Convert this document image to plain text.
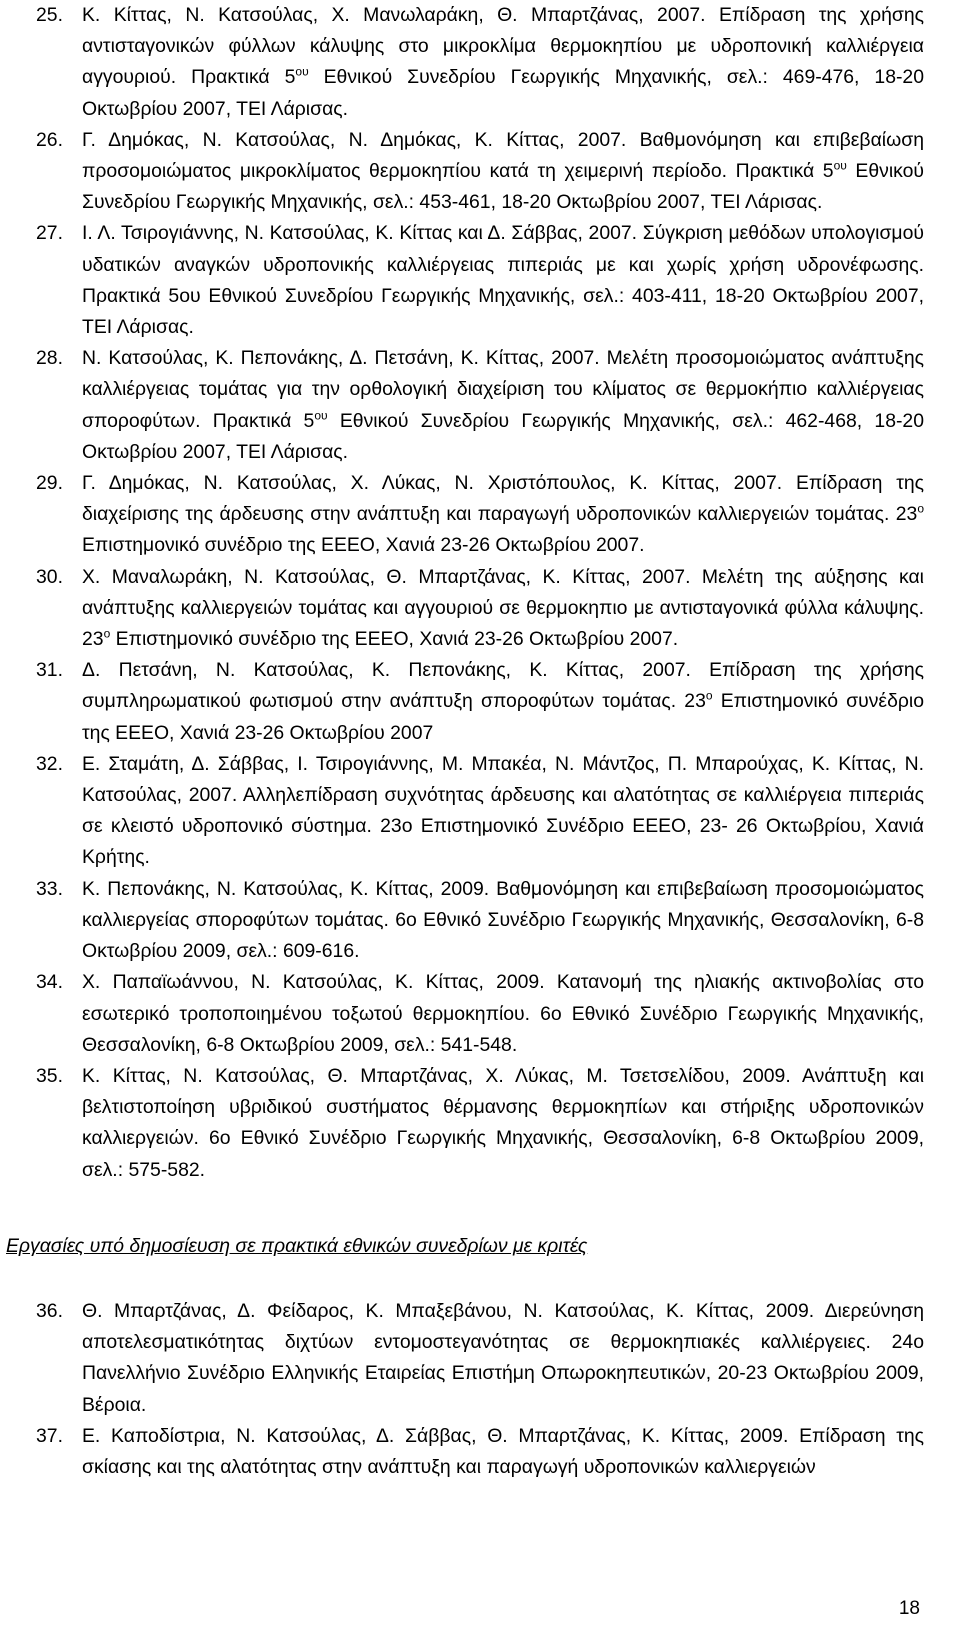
25. Κ. Κίττας, Ν. Κατσούλας, Χ. Μανωλαράκη, Θ. Μπαρτζάνας, 2007. Επίδραση της χρήσης αντισταγονικών φύλλων κάλυψης στο μικροκλίμα θερμοκηπίου με υδροπονική καλλιέργεια αγγουριού. Πρακτικά $5^{o\upsilon}$ Εθνικού Συνεδρίου Γεωργικής Μηχανικής, σελ.: 469-476, 18-20 Οκτωβρίου 2007, ΤΕΙ Λάρισας.
26. Γ. Δημόκας, Ν. Κατσούλας, Ν. Δημόκας, Κ. Κίττας, 2007. Βαθμονόμηση και επιβεβαίωση προσομοιώματος μικροκλίματος θερμοκηπίου κατά τη χειμερινή περίοδο. Πρακτικά $5^{o\upsilon}$ Εθνικού Συνεδρίου Γεωργικής Μηχανικής, σελ.: 453-461, 18-20 Οκτωβρίου 2007, ΤΕΙ Λάρισας.
27. Ι. Λ. Τσιρογιάννης, Ν. Κατσούλας, Κ. Κίττας και Δ. Σάββας, 2007. Σύγκριση μεθόδων υπολογισμού υδατικών αναγκών υδροπονικής καλλιέργειας πιπεριάς με και χωρίς χρήση υδρονέφωσης. Πρακτικά 5ου Εθνικού Συνεδρίου Γεωργικής Μηχανικής, σελ.: 403-411, 18-20 Οκτωβρίου 2007, ΤΕΙ Λάρισας.
28. Ν. Κατσούλας, Κ. Πεπονάκης, Δ. Πετσάνη, Κ. Κίττας, 2007. Μελέτη προσομοιώματος ανάπτυξης καλλιέργειας τομάτας για την ορθολογική διαχείριση του κλίματος σε θερμοκήπιο καλλιέργειας σποροφύτων. Πρακτικά $5^{o\upsilon}$ Εθνικού Συνεδρίου Γεωργικής Μηχανικής, σελ.: 462-468, 18-20 Οκτωβρίου 2007, ΤΕΙ Λάρισας.
29. Γ. Δημόκας, Ν. Κατσούλας, Χ. Λύκας, Ν. Χριστόπουλος, Κ. Κίττας, 2007. Επίδραση της διαχείρισης της άρδευσης στην ανάπτυξη και παραγωγή υδροπονικών καλλιεργειών τομάτας. $23^o$ Επιστημονικό συνέδριο της ΕΕΕΟ, Χανιά 23-26 Οκτωβρίου 2007.
30. Χ. Μαναλωράκη, Ν. Κατσούλας, Θ. Μπαρτζάνας, Κ. Κίττας, 2007. Μελέτη της αύξησης και ανάπτυξης καλλιεργειών τομάτας και αγγουριού σε θερμοκηπιο με αντισταγονικά φύλλα κάλυψης. $23^o$ Επιστημονικό συνέδριο της ΕΕΕΟ, Χανιά 23-26 Οκτωβρίου 2007.
31. Δ. Πετσάνη, Ν. Κατσούλας, Κ. Πεπονάκης, Κ. Κίττας, 2007. Επίδραση της χρήσης συμπληρωματικού φωτισμού στην ανάπτυξη σποροφύτων τομάτας. $23^o$ Επιστημονικό συνέδριο της ΕΕΕΟ, Χανιά 23-26 Οκτωβρίου 2007
32. Ε. Σταμάτη, Δ. Σάββας, Ι. Τσιρογιάννης, Μ. Μπακέα, Ν. Μάντζος, Π. Μπαρούχας, Κ. Κίττας, Ν. Κατσούλας, 2007. Αλληλεπίδραση συχνότητας άρδευσης και αλατότητας σε καλλιέργεια πιπεριάς σε κλειστό υδροπονικό σύστημα. 23ο Επιστημονικό Συνέδριο ΕΕΕΟ, 23- 26 Οκτωβρίου, Χανιά Κρήτης.
33. Κ. Πεπονάκης, Ν. Κατσούλας, Κ. Κίττας, 2009. Βαθμονόμηση και επιβεβαίωση προσομοιώματος καλλιεργείας σποροφύτων τομάτας. 6ο Εθνικό Συνέδριο Γεωργικής Μηχανικής, Θεσσαλονίκη, 6-8 Οκτωβρίου 2009, σελ.: 609-616.
34. Χ. Παπαϊωάννου, Ν. Κατσούλας, Κ. Κίττας, 2009. Κατανομή της ηλιακής ακτινοβολίας στο εσωτερικό τροποποιημένου τοξωτού θερμοκηπίου. 6ο Εθνικό Συνέδριο Γεωργικής Μηχανικής, Θεσσαλονίκη, 6-8 Οκτωβρίου 2009, σελ.: 541-548.
35. Κ. Κίττας, Ν. Κατσούλας, Θ. Μπαρτζάνας, Χ. Λύκας, Μ. Τσετσελίδου, 2009. Ανάπτυξη και βελτιστοποίηση υβριδικού συστήματος θέρμανσης θερμοκηπίων και στήριξης υδροπονικών καλλιεργειών. 6ο Εθνικό Συνέδριο Γεωργικής Μηχανικής, Θεσσαλονίκη, 6-8 Οκτωβρίου 2009, σελ.: 575-582.
Εργασίες υπό δημοσίευση σε πρακτικά εθνικών συνεδρίων με κριτές
36. Θ. Μπαρτζάνας, Δ. Φείδαρος, Κ. Μπαξεβάνου, Ν. Κατσούλας, Κ. Κίττας, 2009. Διερεύνηση αποτελεσματικότητας διχτύων εντομοστεγανότητας σε θερμοκηπιακές καλλιέργειες. 24ο Πανελλήνιο Συνέδριο Ελληνικής Εταιρείας Επιστήμη Οπωροκηπευτικών, 20-23 Οκτωβρίου 2009, Βέροια.
37. Ε. Καποδίστρια, Ν. Κατσούλας, Δ. Σάββας, Θ. Μπαρτζάνας, Κ. Κίττας, 2009. Επίδραση της σκίασης και της αλατότητας στην ανάπτυξη και παραγωγή υδροπονικών καλλιεργειών
18
